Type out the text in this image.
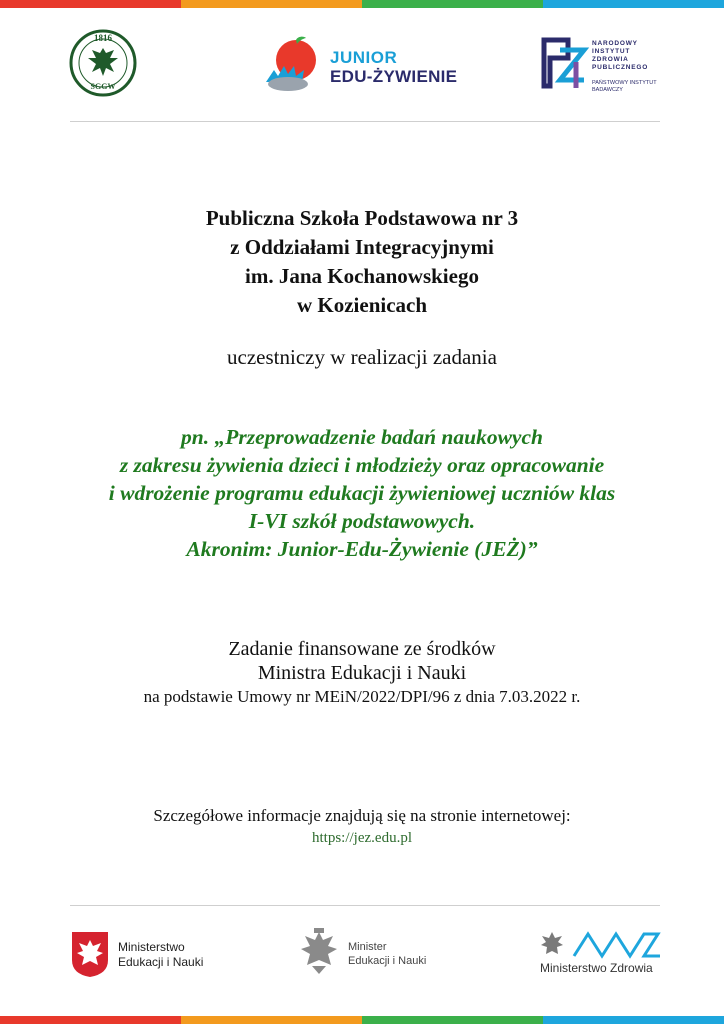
1816
SGGW
JUNIOR
EDU-ŻYWIENIE
NARODOWY
INSTYTUT
ZDROWIA
PUBLICZNEGO
PAŃSTWOWY INSTYTUT
BADAWCZY
Publiczna Szkoła Podstawowa nr 3
z Oddziałami Integracyjnymi
im. Jana Kochanowskiego
w Kozienicach
uczestniczy w realizacji zadania
pn. „Przeprowadzenie badań naukowych
z zakresu żywienia dzieci i młodzieży oraz opracowanie
i wdrożenie programu edukacji żywieniowej uczniów klas
I-VI szkół podstawowych.
Akronim: Junior-Edu-Żywienie (JEŻ)”
Zadanie finansowane ze środków
Ministra Edukacji i Nauki
na podstawie Umowy nr MEiN/2022/DPI/96 z dnia 7.03.2022 r.
Szczegółowe informacje znajdują się na stronie internetowej:
https://jez.edu.pl
Ministerstwo
Edukacji i Nauki
Minister
Edukacji i Nauki	Ministerstwo Zdrowia
